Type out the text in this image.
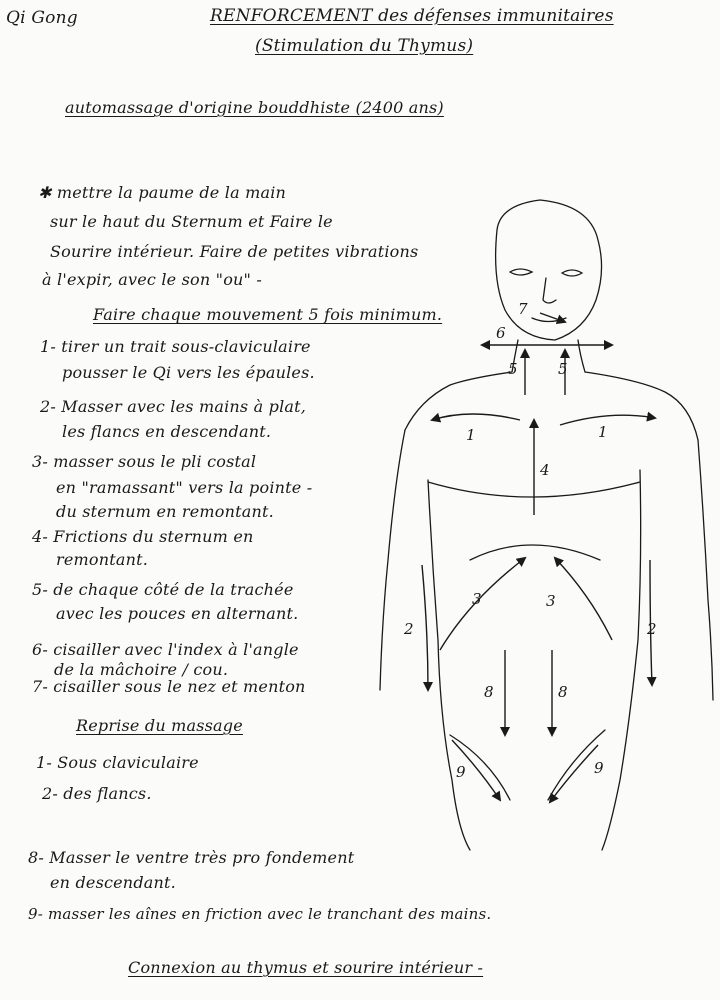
Qi Gong	RENFORCEMENT des défenses immunitaires
(Stimulation du Thymus)
automassage d'origine bouddhiste (2400 ans)
✱ mettre la paume de la main
sur le haut du Sternum et Faire le
Sourire intérieur. Faire de petites vibrations
à l'expir, avec le son "ou" -
Faire chaque mouvement 5 fois minimum.
1- tirer un trait sous-claviculaire
pousser le Qi vers les épaules.
2- Masser avec les mains à plat,
les flancs en descendant.
3- masser sous le pli costal
en "ramassant" vers la pointe -
du sternum en remontant.
4- Frictions du sternum en
remontant.
5- de chaque côté de la trachée
avec les pouces en alternant.
6- cisailler avec l'index à l'angle
de la mâchoire / cou.
7- cisailler sous le nez et menton
Reprise du massage
1- Sous claviculaire
2- des flancs.
8- Masser le ventre très pro fondement
en descendant.
9- masser les aînes en friction avec le tranchant des mains.
Connexion au thymus et sourire intérieur -
7
6
5	5
1	1
4
3	3
2	2
8	8
9	9
